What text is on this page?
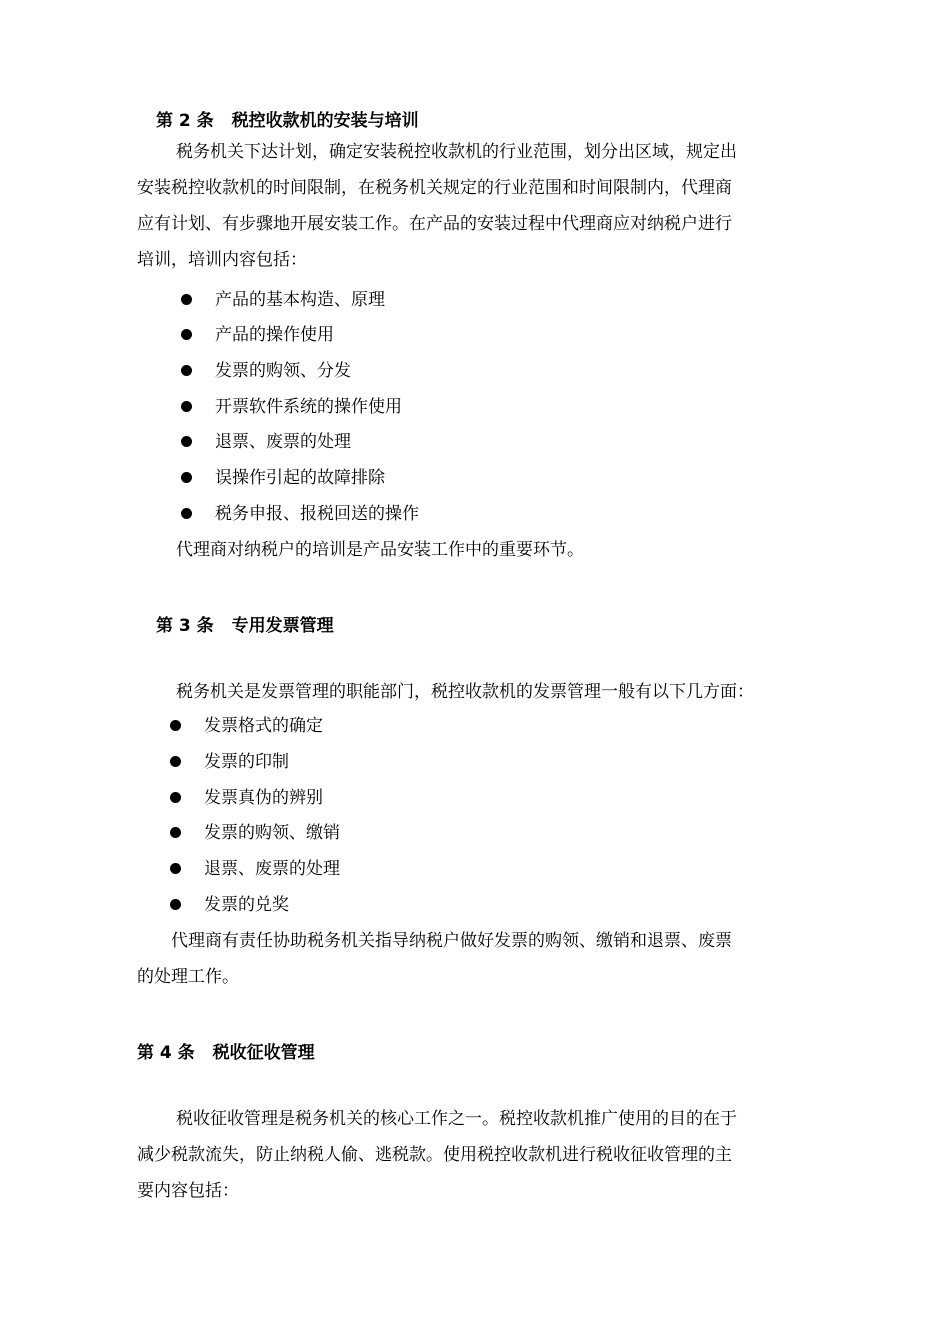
第 2 条 税控收款机的安装与培训
税务机关下达计划，确定安装税控收款机的行业范围，划分出区域，规定出
安装税控收款机的时间限制，在税务机关规定的行业范围和时间限制内，代理商
应有计划、有步骤地开展安装工作。在产品的安装过程中代理商应对纳税户进行
培训，培训内容包括：
产品的基本构造、原理
产品的操作使用
发票的购领、分发
开票软件系统的操作使用
退票、废票的处理
误操作引起的故障排除
税务申报、报税回送的操作
代理商对纳税户的培训是产品安装工作中的重要环节。
第 3 条 专用发票管理
税务机关是发票管理的职能部门，税控收款机的发票管理一般有以下几方面：
发票格式的确定
发票的印制
发票真伪的辨别
发票的购领、缴销
退票、废票的处理
发票的兑奖
代理商有责任协助税务机关指导纳税户做好发票的购领、缴销和退票、废票
的处理工作。
第 4 条 税收征收管理
税收征收管理是税务机关的核心工作之一。税控收款机推广使用的目的在于
减少税款流失，防止纳税人偷、逃税款。使用税控收款机进行税收征收管理的主
要内容包括：
